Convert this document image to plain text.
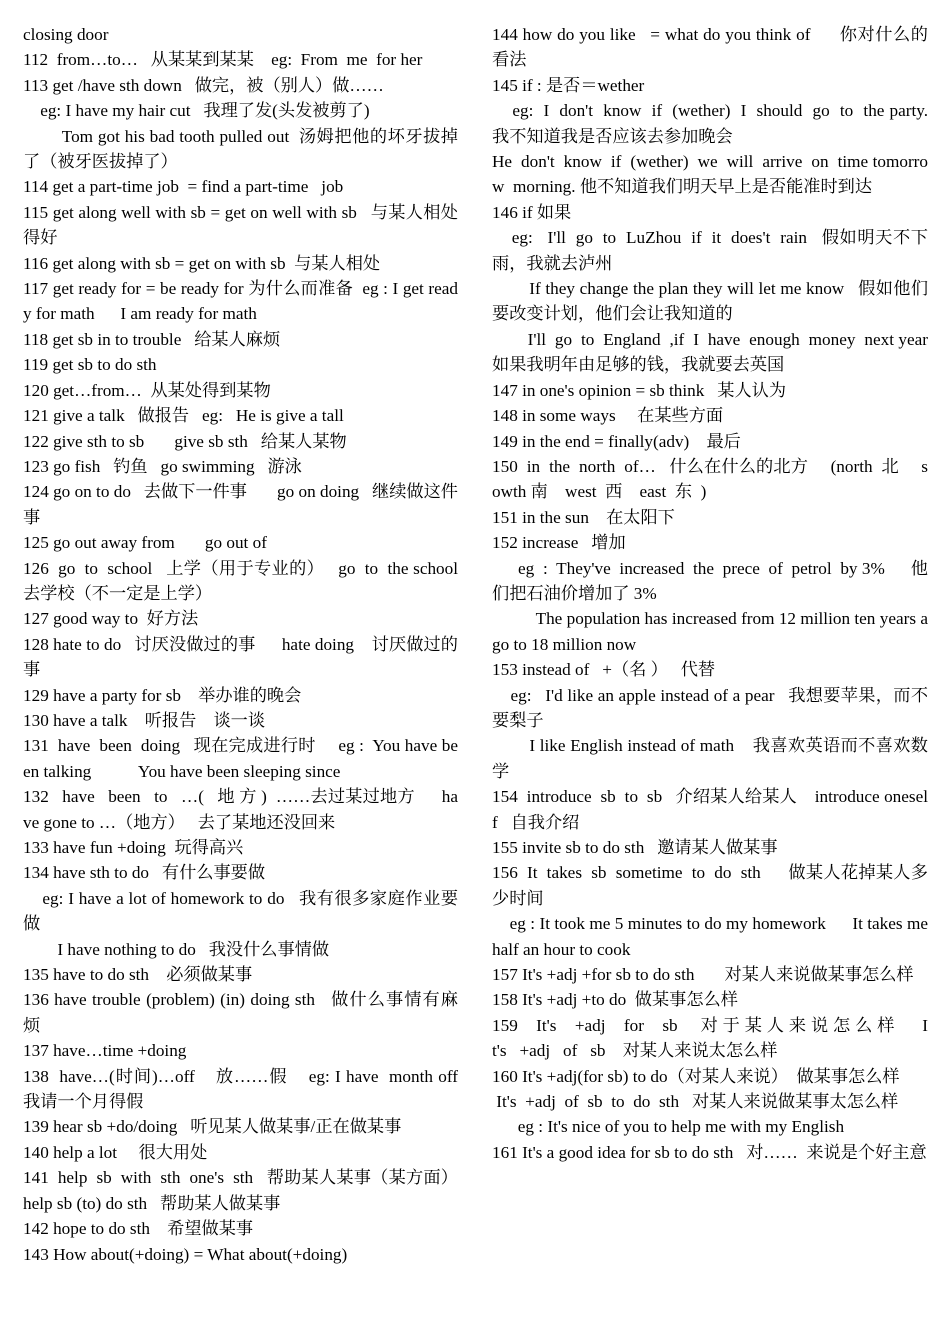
closing door

112  from…to…   从某某到某某    eg:  From  me  for her

113 get /have sth down   做完，被（别人）做……

eg: I have my hair cut   我理了发(头发被剪了)

Tom got his bad tooth pulled out  汤姆把他的坏牙拔掉了（被牙医拔掉了）

114 get a part-time job  = find a part-time   job

115 get along well with sb = get on well with sb   与某人相处得好

116 get along with sb = get on with sb  与某人相处

117 get ready for = be ready for 为什么而准备  eg : I get ready for math      I am ready for math

118 get sb in to trouble   给某人麻烦

119 get sb to do sth

120 get…from…  从某处得到某物

121 give a talk   做报告   eg:   He is give a tall

122 give sth to sb       give sb sth   给某人某物

123 go fish   钓鱼   go swimming   游泳

124 go on to do   去做下一件事       go on doing   继续做这件事

125 go out away from       go out of

126  go  to  school   上学（用于专业的）   go  to  the school   去学校（不一定是上学）

127 good way to  好方法

128 hate to do   讨厌没做过的事      hate doing    讨厌做过的事

129 have a party for sb    举办谁的晚会

130 have a talk    听报告    谈一谈

131  have  been  doing   现在完成进行时     eg :  You have been talking           You have been sleeping since

132   have   been   to   …(   地 方 )  ……去过某过地方      have gone to …（地方）   去了某地还没回来

133 have fun +doing  玩得高兴

134 have sth to do   有什么事要做

eg: I have a lot of homework to do   我有很多家庭作业要做

I have nothing to do   我没什么事情做

135 have to do sth    必须做某事

136 have trouble (problem) (in) doing sth   做什么事情有麻烦

137 have…time +doing

138  have…(时间)…off    放……假    eg: I have  month off  我请一个月得假

139 hear sb +do/doing   听见某人做某事/正在做某事

140 help a lot     很大用处

141  help  sb  with  sth  one's  sth   帮助某人某事（某方面）   help sb (to) do sth   帮助某人做某事

142 hope to do sth    希望做某事

143 How about(+doing) = What about(+doing)

144 how do you like   = what do you think of      你对什么的看法

145 if : 是否＝wether

eg:  I  don't  know  if  (wether)  I  should  go  to  the party. 我不知道我是否应该去参加晚会

He  don't  know  if  (wether)  we  will  arrive  on  time tomorrow  morning. 他不知道我们明天早上是否能准时到达

146 if 如果

eg:   I'll  go  to  LuZhou  if  it  does't  rain   假如明天不下雨，我就去泸州

If they change the plan they will let me know   假如他们要改变计划，他们会让我知道的

I'll  go  to  England  ,if  I  have  enough  money  next year   如果我明年由足够的钱，我就要去英国

147 in one's opinion = sb think   某人认为

148 in some ways     在某些方面

149 in the end = finally(adv)    最后

150  in  the  north  of…   什么在什么的北方     (north  北     sowth 南    west  西    east  东  )

151 in the sun    在太阳下

152 increase   增加

eg  :  They've  increased  the  prece  of  petrol  by 3%      他们把石油价增加了 3%

The population has increased from 12 million ten years ago to 18 million now

153 instead of   +（名 ）   代替

eg:   I'd like an apple instead of a pear   我想要苹果，而不要梨子

I like English instead of math    我喜欢英语而不喜欢数学

154  introduce  sb  to  sb   介绍某人给某人    introduce oneself   自我介绍

155 invite sb to do sth   邀请某人做某事

156  It  takes  sb  sometime  to  do  sth      做某人花掉某人多少时间

eg : It took me 5 minutes to do my homework      It takes me half an hour to cook

157 It's +adj +for sb to do sth       对某人来说做某事怎么样

158 It's +adj +to do  做某事怎么样

159    It's    +adj    for    sb     对 于 某 人 来 说 怎 么 样      It's   +adj   of   sb    对某人来说太怎么样

160 It's +adj(for sb) to do（对某人来说）  做某事怎么样

It's  +adj  of  sb  to  do  sth   对某人来说做某事太怎么样

eg : It's nice of you to help me with my English

161 It's a good idea for sb to do sth   对……  来说是个好主意
